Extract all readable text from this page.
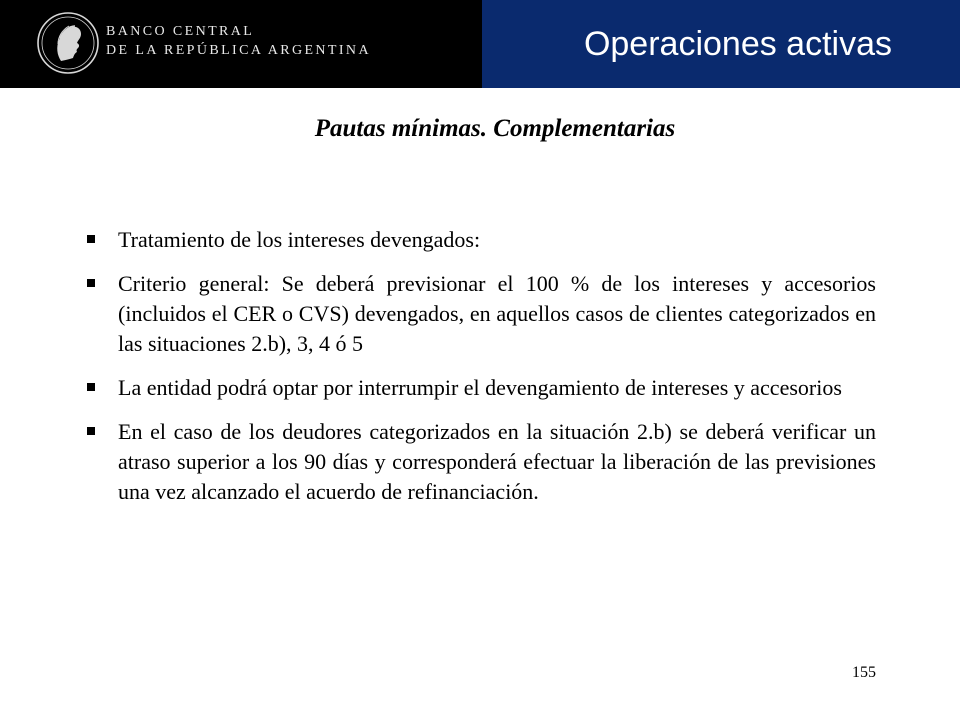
BANCO CENTRAL
DE LA REPÚBLICA ARGENTINA	Operaciones activas
Pautas mínimas. Complementarias
Tratamiento de los intereses devengados:
Criterio general: Se deberá previsionar el 100 % de los intereses y accesorios (incluidos el CER o CVS) devengados, en aquellos casos de clientes categorizados en las situaciones 2.b), 3, 4 ó 5
La entidad podrá optar por interrumpir el devengamiento de intereses y accesorios
En el caso de los deudores categorizados en la situación 2.b) se deberá verificar un atraso superior a los 90 días y corresponderá efectuar la liberación de las previsiones una vez alcanzado el acuerdo de refinanciación.
155
